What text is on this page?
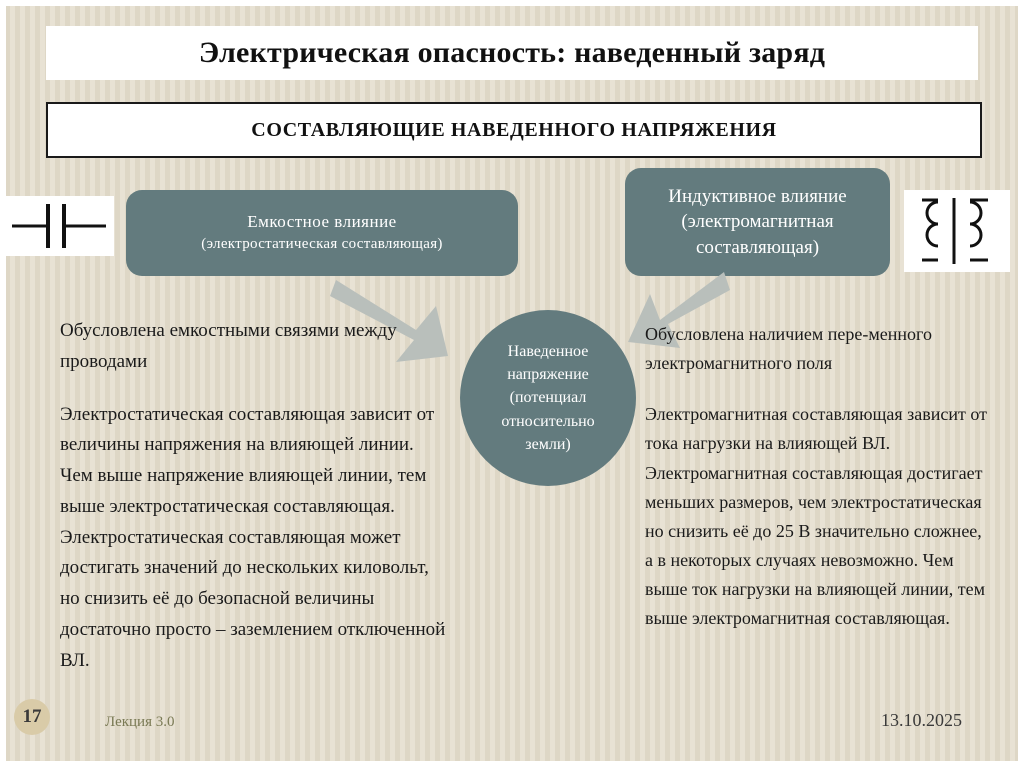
Электрическая опасность: наведенный заряд
СОСТАВЛЯЮЩИЕ НАВЕДЕННОГО НАПРЯЖЕНИЯ
Емкостное влияние
(электростатическая составляющая)
Индуктивное влияние
(электромагнитная
составляющая)
Наведенное
напряжение
(потенциал
относительно
земли)

Обусловлена емкостными связями между проводами

Электростатическая составляющая зависит от величины напряжения на влияющей линии. Чем выше напряжение влияющей линии, тем выше электростатическая составляющая. Электростатическая составляющая может достигать значений до нескольких киловольт, но снизить её до безопасной величины достаточно просто – заземлением отключенной ВЛ.

Обусловлена наличием пере-менного электромагнитного поля

Электромагнитная составляющая зависит от тока нагрузки на влияющей ВЛ. Электромагнитная составляющая достигает меньших размеров, чем электростатическая но снизить её до 25 В значительно сложнее, а в некоторых случаях невозможно. Чем выше ток нагрузки на влияющей линии, тем выше электромагнитная составляющая.

17	Лекция 3.0	13.10.2025
